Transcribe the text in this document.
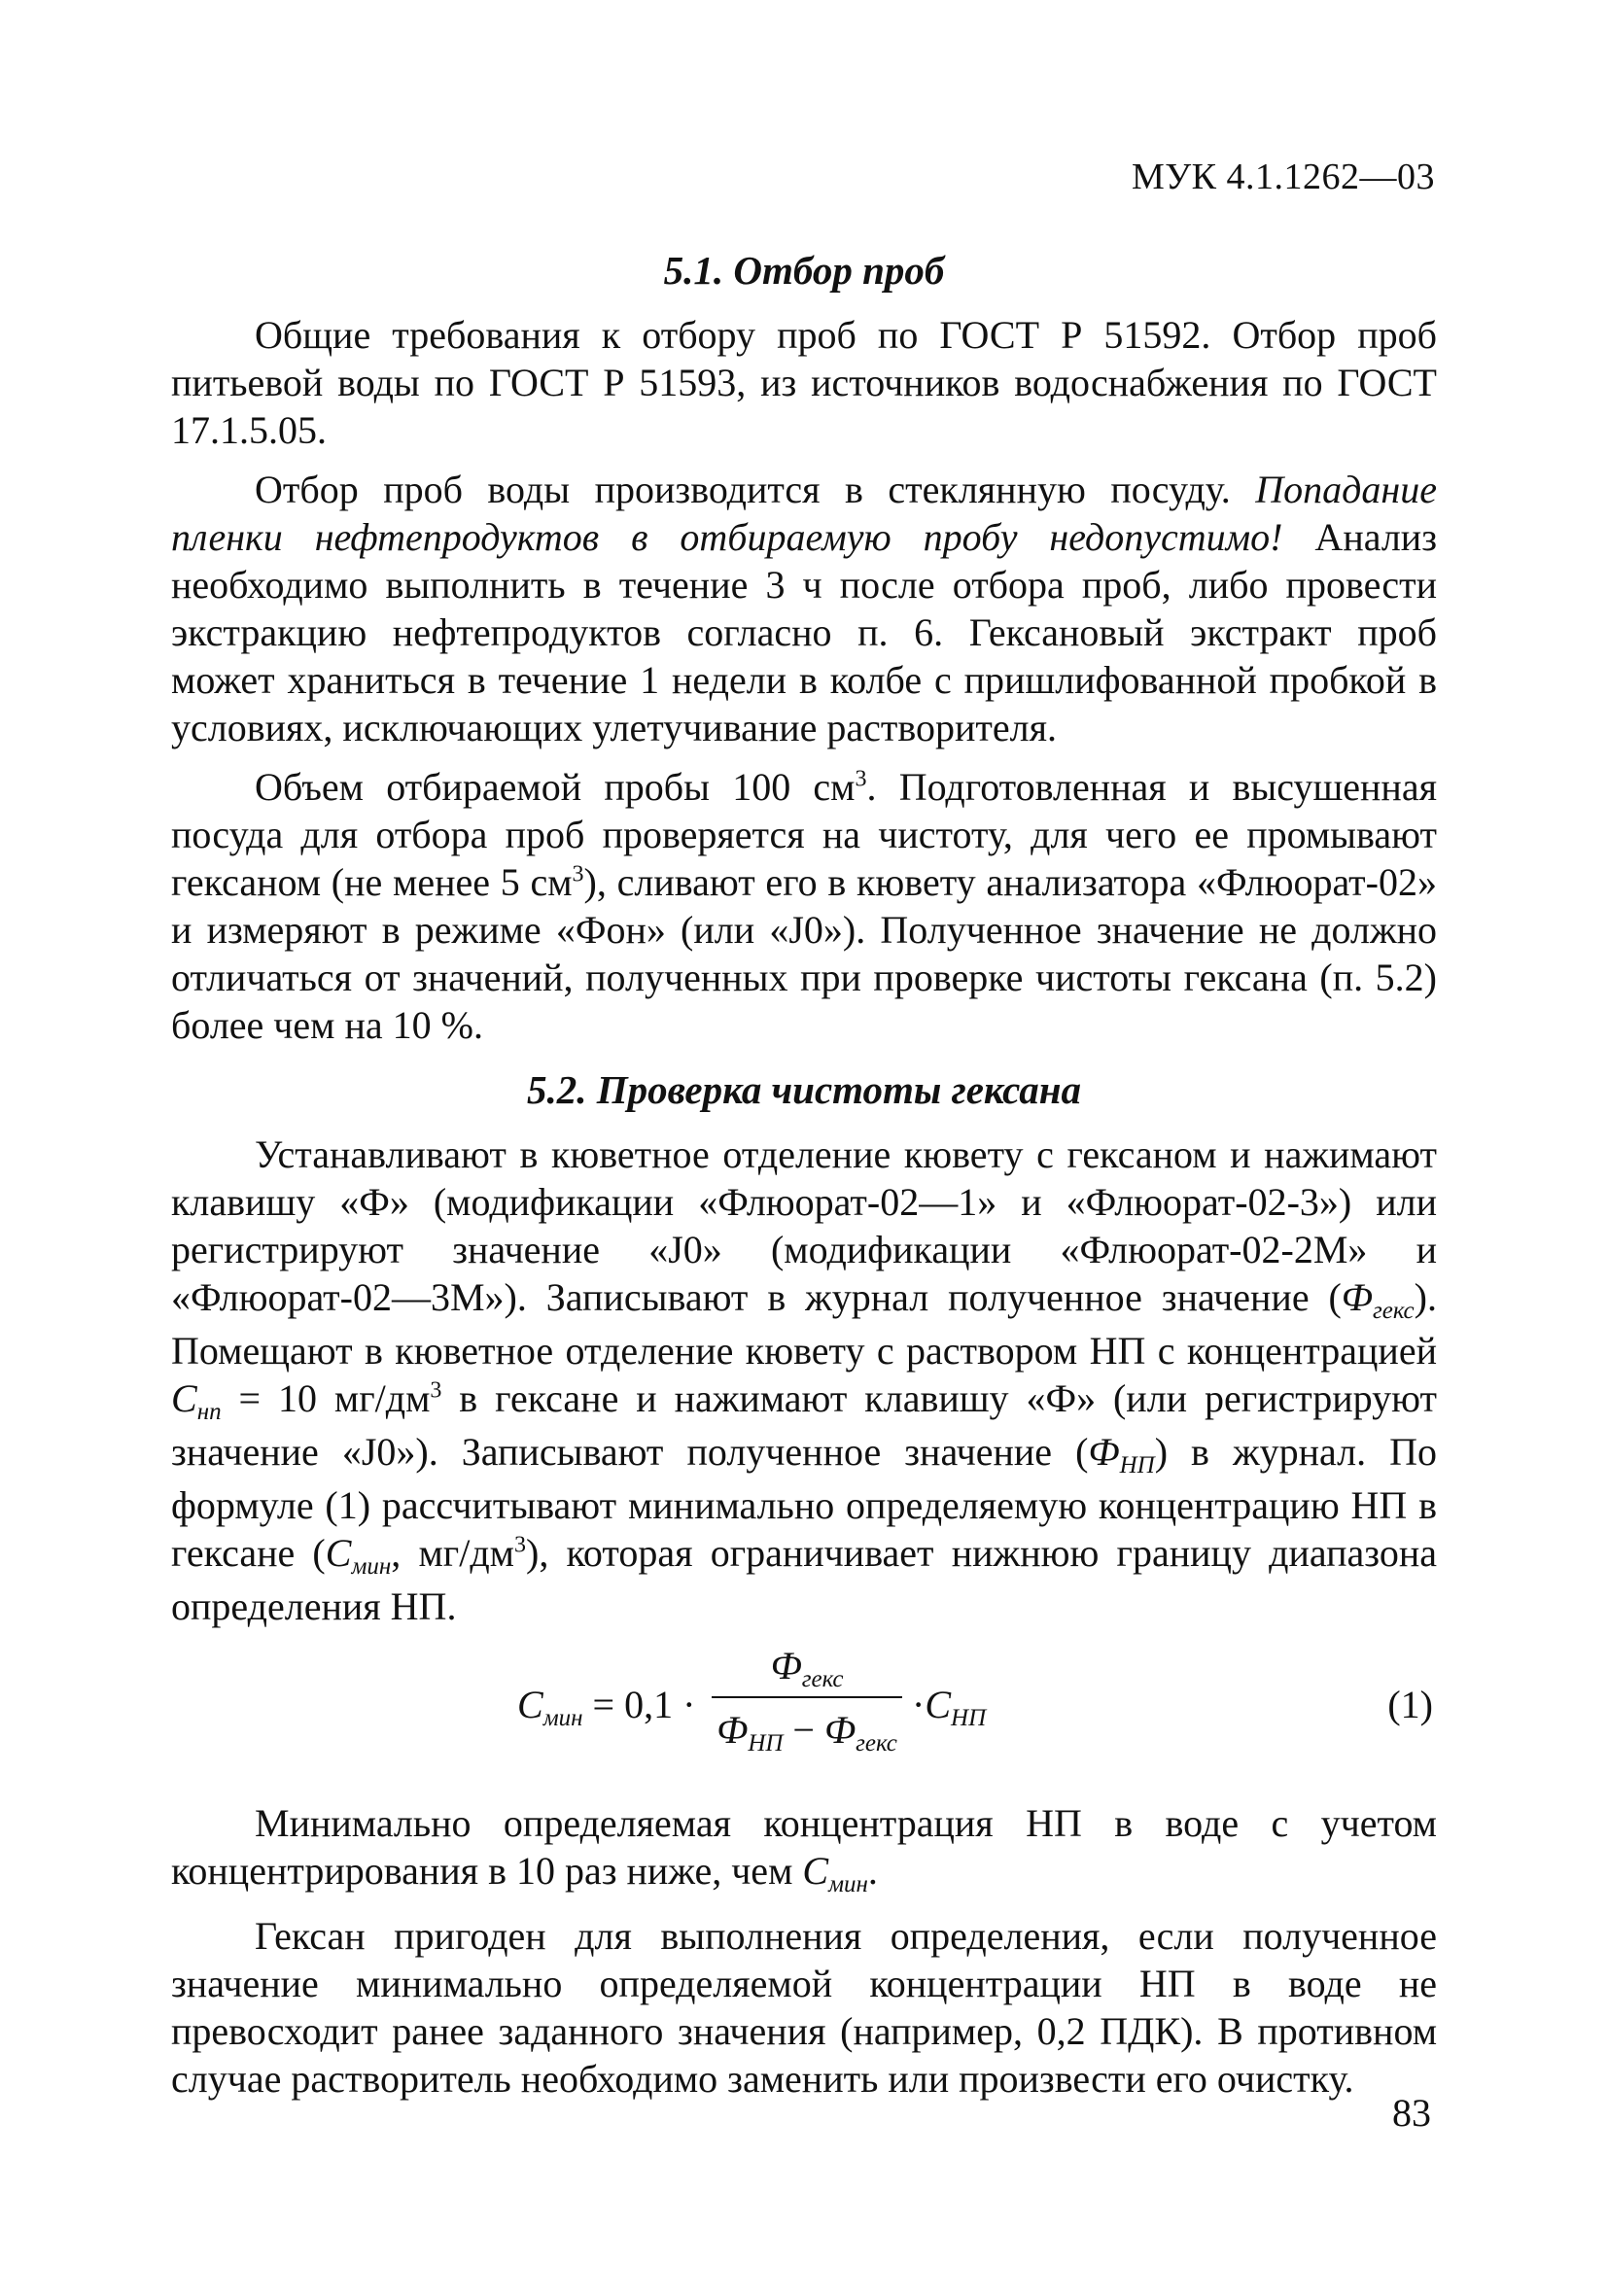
МУК 4.1.1262—03
5.1. Отбор проб

Общие требования к отбору проб по ГОСТ Р 51592. Отбор проб питьевой воды по ГОСТ Р 51593, из источников водоснабжения по ГОСТ 17.1.5.05.

Отбор проб воды производится в стеклянную посуду. Попадание пленки нефтепродуктов в отбираемую пробу недопустимо! Анализ необходимо выполнить в течение 3 ч после отбора проб, либо провести экстракцию нефтепродуктов согласно п. 6. Гексановый экстракт проб может храниться в течение 1 недели в колбе с пришлифованной пробкой в условиях, исключающих улетучивание растворителя.

Объем отбираемой пробы 100 $см^3$. Подготовленная и высушенная посуда для отбора проб проверяется на чистоту, для чего ее промывают гексаном (не менее 5 $см^3$), сливают его в кювету анализатора «Флюорат-02» и измеряют в режиме «Фон» (или «J0»). Полученное значение не должно отличаться от значений, полученных при проверке чистоты гексана (п. 5.2) более чем на 10 %.

5.2. Проверка чистоты гексана

Устанавливают в кюветное отделение кювету с гексаном и нажимают клавишу «Ф» (модификации «Флюорат-02—1» и «Флюорат-02-3») или регистрируют значение «J0» (модификации «Флюорат-02-2М» и «Флюорат-02—3М»). Записывают в журнал полученное значение $(Ф_{гекс})$. Помещают в кюветное отделение кювету с раствором НП с концентрацией $С_{нп} = 10$ $мг/дм^3$ в гексане и нажимают клавишу «Ф» (или регистрируют значение «J0»). Записывают полученное значение $(Ф_{НП})$ в журнал. По формуле (1) рассчитывают минимально определяемую концентрацию НП в гексане ($С_{мин}$, $мг/дм^3$), которая ограничивает нижнюю границу диапазона определения НП.

$С_{мин} = 0,1$ ·
$Ф_{гекс}$
$Ф_{НП} - Ф_{гекс}$
$\cdot С_{НП}$	(1)

Минимально определяемая концентрация НП в воде с учетом концентрирования в 10 раз ниже, чем $С_{мин}$.

Гексан пригоден для выполнения определения, если полученное значение минимально определяемой концентрации НП в воде не превосходит ранее заданного значения (например, 0,2 ПДК). В противном случае растворитель необходимо заменить или произвести его очистку.

83
